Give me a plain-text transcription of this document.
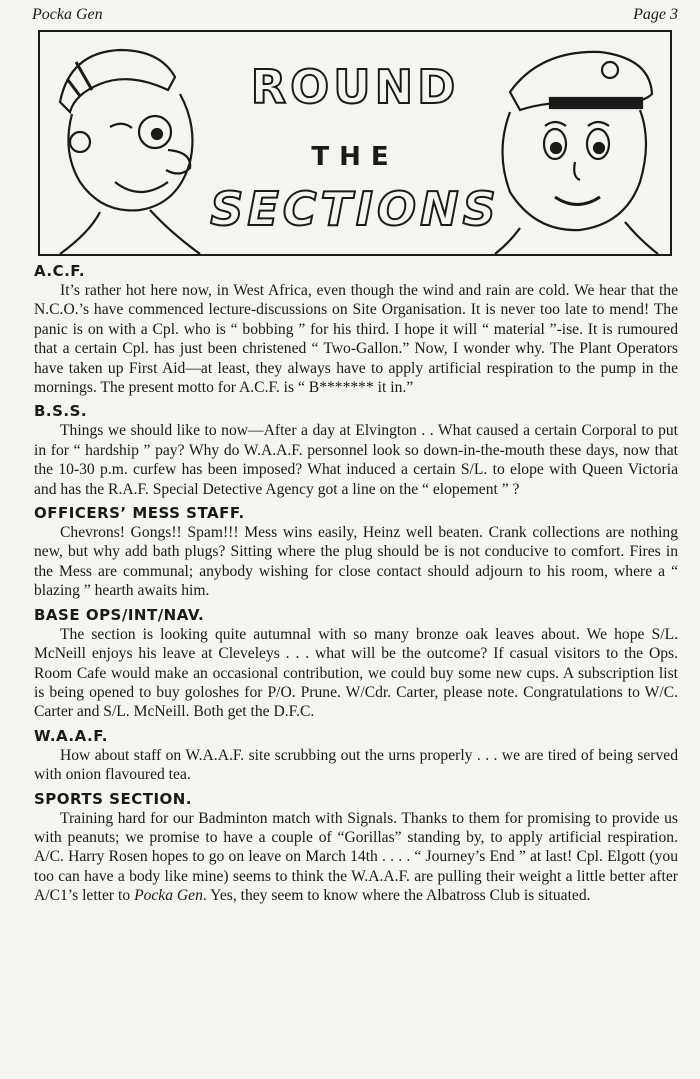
Pocka Gen	Page 3
ROUND
THE
SECTIONS

A.C.F.

It’s rather hot here now, in West Africa, even though the wind and rain are cold. We hear that the N.C.O.’s have commenced lecture-discussions on Site Organisation. It is never too late to mend! The panic is on with a Cpl. who is “ bobbing ” for his third. I hope it will “ material ”-ise. It is rumoured that a certain Cpl. has just been christened “ Two-Gallon.” Now, I wonder why. The Plant Operators have taken up First Aid—at least, they always have to apply artificial respiration to the pump in the mornings. The present motto for A.C.F. is “ B******* it in.”

B.S.S.

Things we should like to now—After a day at Elvington . . What caused a certain Corporal to put in for “ hardship ” pay? Why do W.A.A.F. personnel look so down-in-the-mouth these days, now that the 10-30 p.m. curfew has been imposed? What induced a certain S/L. to elope with Queen Victoria and has the R.A.F. Special Detective Agency got a line on the “ elopement ” ?

OFFICERS’ MESS STAFF.

Chevrons! Gongs!! Spam!!! Mess wins easily, Heinz well beaten. Crank collections are nothing new, but why add bath plugs? Sitting where the plug should be is not conducive to comfort. Fires in the Mess are communal; anybody wishing for close contact should adjourn to his room, where a “ blazing ” hearth awaits him.

BASE OPS/INT/NAV.

The section is looking quite autumnal with so many bronze oak leaves about. We hope S/L. McNeill enjoys his leave at Cleveleys . . . what will be the outcome? If casual visitors to the Ops. Room Cafe would make an occasional contribution, we could buy some new cups. A subscription list is being opened to buy goloshes for P/O. Prune. W/Cdr. Carter, please note. Congratulations to W/C. Carter and S/L. McNeill. Both get the D.F.C.

W.A.A.F.

How about staff on W.A.A.F. site scrubbing out the urns properly . . . we are tired of being served with onion flavoured tea.

SPORTS SECTION.

Training hard for our Badminton match with Signals. Thanks to them for promising to provide us with peanuts; we promise to have a couple of “Gorillas” standing by, to apply artificial respiration. A/C. Harry Rosen hopes to go on leave on March 14th . . . . “ Journey’s End ” at last! Cpl. Elgott (you too can have a body like mine) seems to think the W.A.A.F. are pulling their weight a little better after A/C1’s letter to Pocka Gen. Yes, they seem to know where the Albatross Club is situated.
